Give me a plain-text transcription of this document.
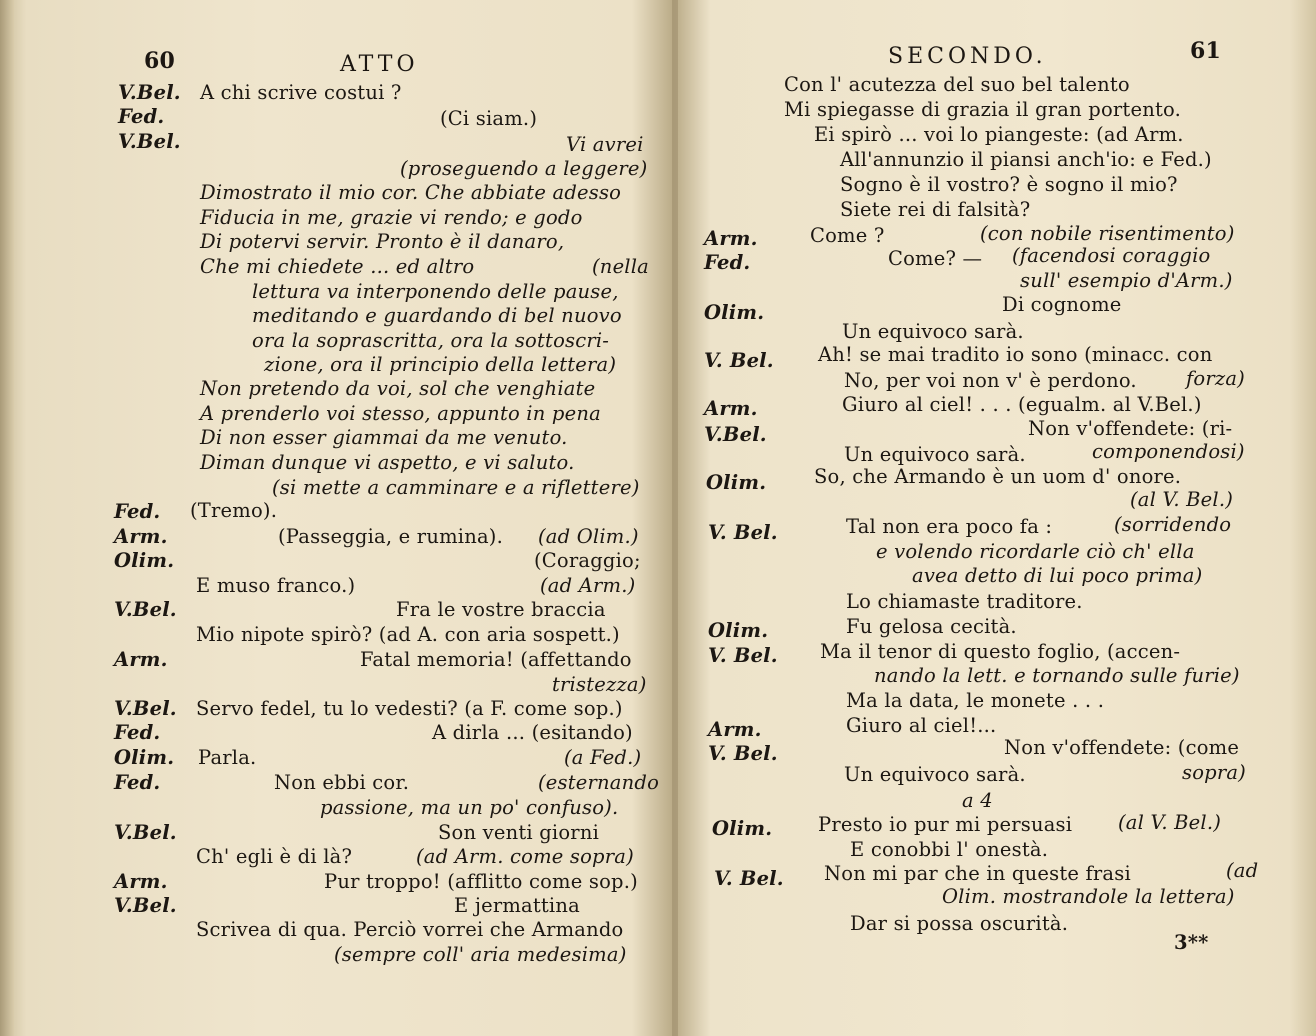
60	ATTO
V.Bel. A chi scrive costui ?
Fed.	(Ci siam.)
V.Bel.	Vi avrei
(proseguendo a leggere)
Dimostrato il mio cor. Che abbiate adesso
Fiducia in me, grazie vi rendo; e godo
Di potervi servir. Pronto è il danaro,
Che mi chiedete ... ed altro	(nella
lettura va interponendo delle pause,
meditando e guardando di bel nuovo
ora la soprascritta, ora la sottoscri-
zione, ora il principio della lettera)
Non pretendo da voi, sol che venghiate
A prenderlo voi stesso, appunto in pena
Di non esser giammai da me venuto.
Diman dunque vi aspetto, e vi saluto.
(si mette a camminare e a riflettere)
Fed. (Tremo).
Arm.	(Passeggia, e rumina). (ad Olim.)
Olim.	(Coraggio;
E muso franco.)	(ad Arm.)
V.Bel.	Fra le vostre braccia
Mio nipote spirò? (ad A. con aria sospett.)
Arm.	Fatal memoria! (affettando
tristezza)
V.Bel. Servo fedel, tu lo vedesti? (a F. come sop.)
Fed.	A dirla ... (esitando)
Olim. Parla.	(a Fed.)
Fed.	Non ebbi cor.	(esternando
passione, ma un po' confuso).
V.Bel.	Son venti giorni
Ch' egli è di là?	(ad Arm. come sopra)
Arm.	Pur troppo! (afflitto come sop.)
V.Bel.	E jermattina
Scrivea di qua. Perciò vorrei che Armando
(sempre coll' aria medesima)
SECONDO.	61
Con l' acutezza del suo bel talento
Mi spiegasse di grazia il gran portento.
Ei spirò ... voi lo piangeste: (ad Arm.
All'annunzio il piansi anch'io: e Fed.)
Sogno è il vostro? è sogno il mio?
Siete rei di falsità?
Arm.	Come ?	(con nobile risentimento)
Fed.	Come? — (facendosi coraggio
sull' esempio d'Arm.)
Olim.	Di cognome
Un equivoco sarà.
V. Bel. Ah! se mai tradito io sono (minacc. con
No, per voi non v' è perdono.	forza)
Arm.	Giuro al ciel! . . . (egualm. al V.Bel.)
V.Bel.	Non v'offendete: (ri-
Un equivoco sarà.	componendosi)
Olim. So, che Armando è un uom d' onore.
(al V. Bel.)
V. Bel.	Tal non era poco fa :	(sorridendo
e volendo ricordarle ciò ch' ella
avea detto di lui poco prima)
Lo chiamaste traditore.
Olim.	Fu gelosa cecità.
V. Bel. Ma il tenor di questo foglio, (accen-
nando la lett. e tornando sulle furie)
Ma la data, le monete . . .
Arm.	Giuro al ciel!...
V. Bel.	Non v'offendete: (come
Un equivoco sarà.	sopra)
a 4
Olim. Presto io pur mi persuasi (al V. Bel.)
E conobbi l' onestà.
V. Bel. Non mi par che in queste frasi	(ad
Olim. mostrandole la lettera)
Dar si possa oscurità.
3**
